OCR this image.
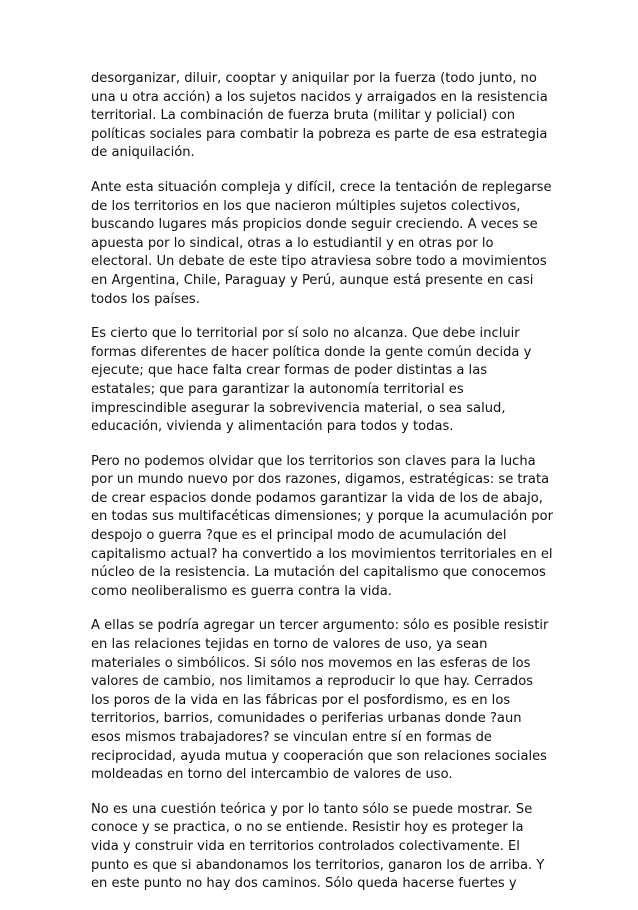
desorganizar, diluir, cooptar y aniquilar por la fuerza (todo junto, no
una u otra acción) a los sujetos nacidos y arraigados en la resistencia
territorial. La combinación de fuerza bruta (militar y policial) con
políticas sociales para combatir la pobreza es parte de esa estrategia
de aniquilación.

Ante esta situación compleja y difícil, crece la tentación de replegarse
de los territorios en los que nacieron múltiples sujetos colectivos,
buscando lugares más propicios donde seguir creciendo. A veces se
apuesta por lo sindical, otras a lo estudiantil y en otras por lo
electoral. Un debate de este tipo atraviesa sobre todo a movimientos
en Argentina, Chile, Paraguay y Perú, aunque está presente en casi
todos los países.

Es cierto que lo territorial por sí solo no alcanza. Que debe incluir
formas diferentes de hacer política donde la gente común decida y
ejecute; que hace falta crear formas de poder distintas a las
estatales; que para garantizar la autonomía territorial es
imprescindible asegurar la sobrevivencia material, o sea salud,
educación, vivienda y alimentación para todos y todas.

Pero no podemos olvidar que los territorios son claves para la lucha
por un mundo nuevo por dos razones, digamos, estratégicas: se trata
de crear espacios donde podamos garantizar la vida de los de abajo,
en todas sus multifacéticas dimensiones; y porque la acumulación por
despojo o guerra ?que es el principal modo de acumulación del
capitalismo actual? ha convertido a los movimientos territoriales en el
núcleo de la resistencia. La mutación del capitalismo que conocemos
como neoliberalismo es guerra contra la vida.

A ellas se podría agregar un tercer argumento: sólo es posible resistir
en las relaciones tejidas en torno de valores de uso, ya sean
materiales o simbólicos. Si sólo nos movemos en las esferas de los
valores de cambio, nos limitamos a reproducir lo que hay. Cerrados
los poros de la vida en las fábricas por el posfordismo, es en los
territorios, barrios, comunidades o periferias urbanas donde ?aun
esos mismos trabajadores? se vinculan entre sí en formas de
reciprocidad, ayuda mutua y cooperación que son relaciones sociales
moldeadas en torno del intercambio de valores de uso.

No es una cuestión teórica y por lo tanto sólo se puede mostrar. Se
conoce y se practica, o no se entiende. Resistir hoy es proteger la
vida y construir vida en territorios controlados colectivamente. El
punto es que si abandonamos los territorios, ganaron los de arriba. Y
en este punto no hay dos caminos. Sólo queda hacerse fuertes y
